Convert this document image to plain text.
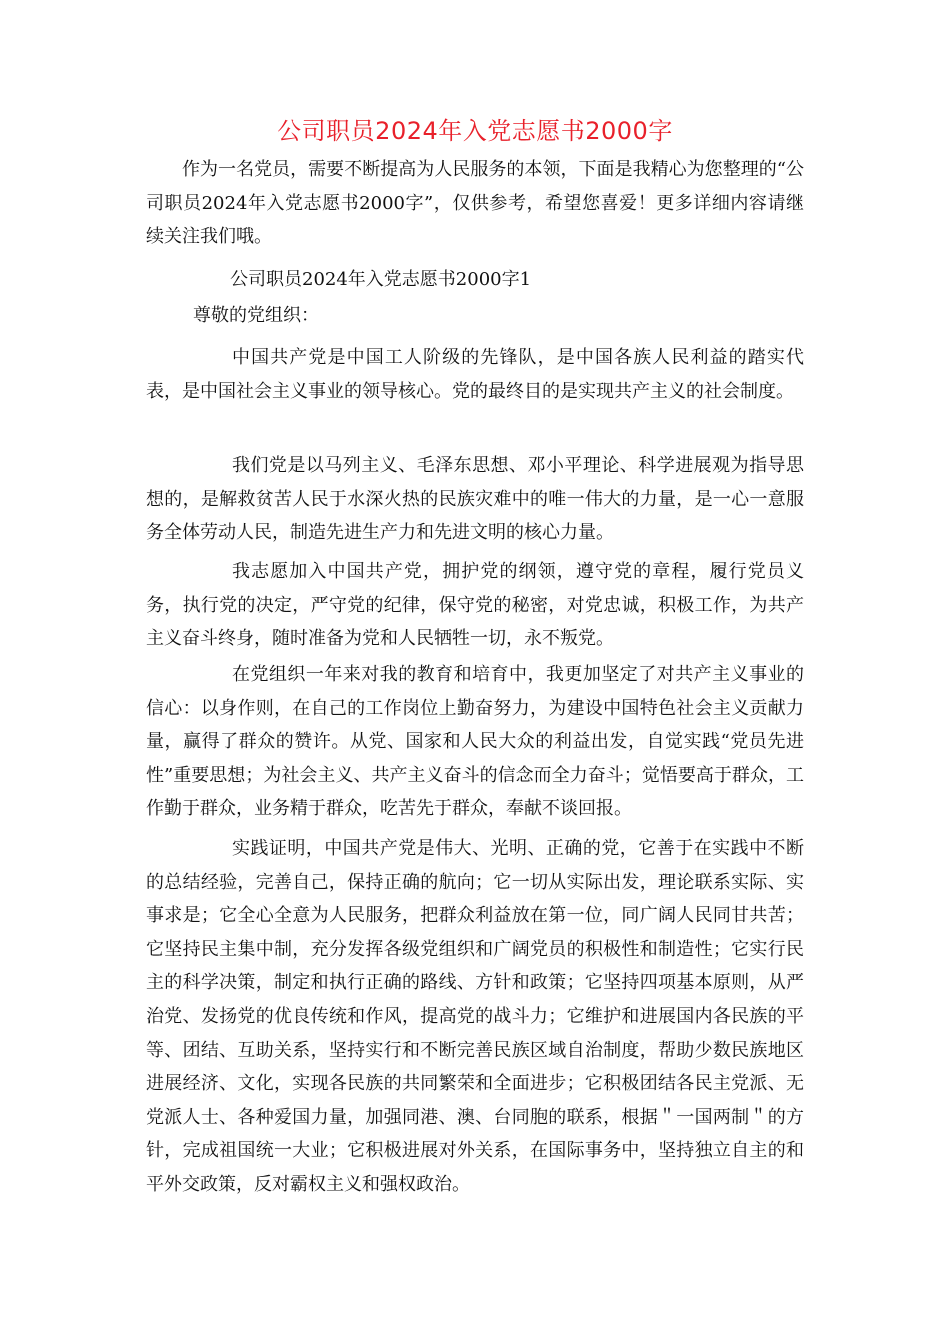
公司职员2024年入党志愿书2000字
作为一名党员，需要不断提高为人民服务的本领，下面是我精心为您整理的“公司职员2024年入党志愿书2000字”，仅供参考，希望您喜爱！更多详细内容请继续关注我们哦。
公司职员2024年入党志愿书2000字1
尊敬的党组织：
中国共产党是中国工人阶级的先锋队，是中国各族人民利益的踏实代表，是中国社会主义事业的领导核心。党的最终目的是实现共产主义的社会制度。
我们党是以马列主义、毛泽东思想、邓小平理论、科学进展观为指导思想的，是解救贫苦人民于水深火热的民族灾难中的唯一伟大的力量，是一心一意服务全体劳动人民，制造先进生产力和先进文明的核心力量。
我志愿加入中国共产党，拥护党的纲领，遵守党的章程，履行党员义务，执行党的决定，严守党的纪律，保守党的秘密，对党忠诚，积极工作，为共产主义奋斗终身，随时准备为党和人民牺牲一切，永不叛党。
在党组织一年来对我的教育和培育中，我更加坚定了对共产主义事业的信心：以身作则，在自己的工作岗位上勤奋努力，为建设中国特色社会主义贡献力量，赢得了群众的赞许。从党、国家和人民大众的利益出发，自觉实践“党员先进性”重要思想；为社会主义、共产主义奋斗的信念而全力奋斗；觉悟要高于群众，工作勤于群众，业务精于群众，吃苦先于群众，奉献不谈回报。
实践证明，中国共产党是伟大、光明、正确的党，它善于在实践中不断的总结经验，完善自己，保持正确的航向；它一切从实际出发，理论联系实际、实事求是；它全心全意为人民服务，把群众利益放在第一位，同广阔人民同甘共苦；它坚持民主集中制，充分发挥各级党组织和广阔党员的积极性和制造性；它实行民主的科学决策，制定和执行正确的路线、方针和政策；它坚持四项基本原则，从严治党、发扬党的优良传统和作风，提高党的战斗力；它维护和进展国内各民族的平等、团结、互助关系，坚持实行和不断完善民族区域自治制度，帮助少数民族地区进展经济、文化，实现各民族的共同繁荣和全面进步；它积极团结各民主党派、无党派人士、各种爱国力量，加强同港、澳、台同胞的联系，根据＂一国两制＂的方针，完成祖国统一大业；它积极进展对外关系，在国际事务中，坚持独立自主的和平外交政策，反对霸权主义和强权政治。
